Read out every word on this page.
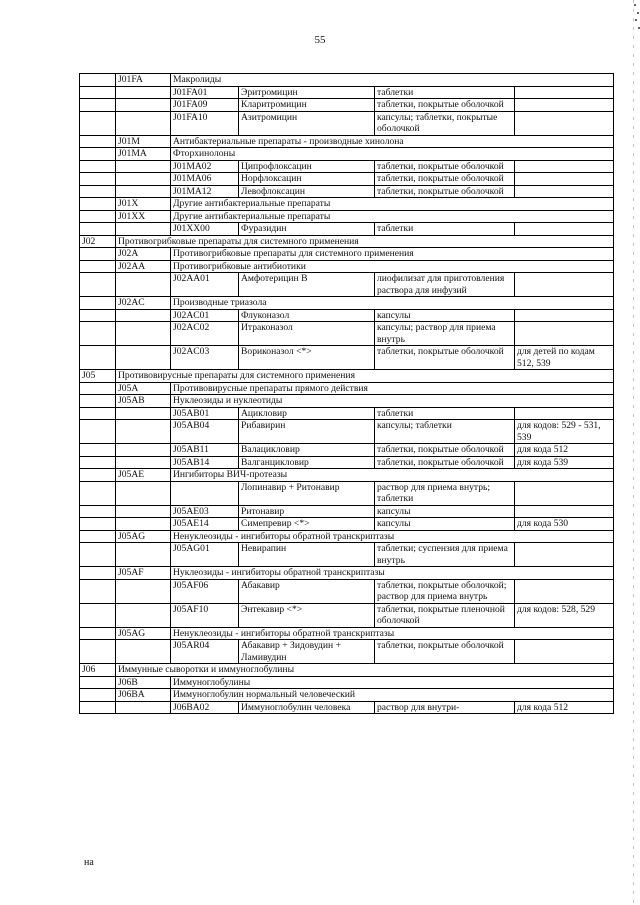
55
	J01FA	Макролиды			
		J01FA01	Эритромицин	таблетки	
		J01FA09	Кларитромицин	таблетки, покрытые оболочкой	
		J01FA10	Азитромицин	капсулы; таблетки, покрытые оболочкой	
	J01M	Антибактериальные препараты - производные хинолона			
	J01MA	Фторхинолоны			
		J01MA02	Ципрофлоксацин	таблетки, покрытые оболочкой	
		J01MA06	Норфлоксацин	таблетки, покрытые оболочкой	
		J01MA12	Левофлоксацин	таблетки, покрытые оболочкой	
	J01X	Другие антибактериальные препараты			
	J01XX	Другие антибактериальные препараты			
		J01XX00	Фуразидин	таблетки	
J02	Противогрибковые препараты для системного применения				
	J02A	Противогрибковые препараты для системного применения			
	J02AA	Противогрибковые антибиотики			
		J02AA01	Амфотерицин В	лиофилизат для приготовления раствора для инфузий	
	J02AC	Производные триазола			
		J02AC01	Флуконазол	капсулы	
		J02AC02	Итраконазол	капсулы; раствор для приема внутрь	
		J02AC03	Вориконазол <*>	таблетки, покрытые оболочкой	для детей по кодам 512, 539
J05	Противовирусные препараты для системного применения				
	J05A	Противовирусные препараты прямого действия			
	J05AB	Нуклеозиды и нуклеотиды			
		J05AB01	Ацикловир	таблетки	
		J05AB04	Рибавирин	капсулы; таблетки	для кодов: 529 - 531, 539
		J05AB11	Валацикловир	таблетки, покрытые оболочкой	для кода 512
		J05AB14	Валганцикловир	таблетки, покрытые оболочкой	для кода 539
	J05AE	Ингибиторы ВИЧ-протеазы			
			Лопинавир + Ритонавир	раствор для приема внутрь; таблетки	
		J05AE03	Ритонавир	капсулы	
		J05AE14	Симепревир <*>	капсулы	для кода 530
	J05AG	Ненуклеозиды - ингибиторы обратной транскриптазы			
		J05AG01	Невирапин	таблетки; суспензия для приема внутрь	
	J05AF	Нуклеозиды - ингибиторы обратной транскриптазы			
		J05AF06	Абакавир	таблетки, покрытые оболочкой; раствор для приема внутрь	
		J05AF10	Энтекавир <*>	таблетки, покрытые пленочной оболочкой	для кодов: 528, 529
	J05AG	Ненуклеозиды - ингибиторы обратной транскриптазы			
		J05AR04	Абакавир + Зидовудин + Ламивудин	таблетки, покрытые оболочкой	
J06	Иммунные сыворотки и иммуноглобулины				
	J06B	Иммуноглобулины			
	J06BA	Иммуноглобулин нормальный человеческий			
		J06BA02	Иммуноглобулин человека	раствор для внутри-	для кода 512
на
